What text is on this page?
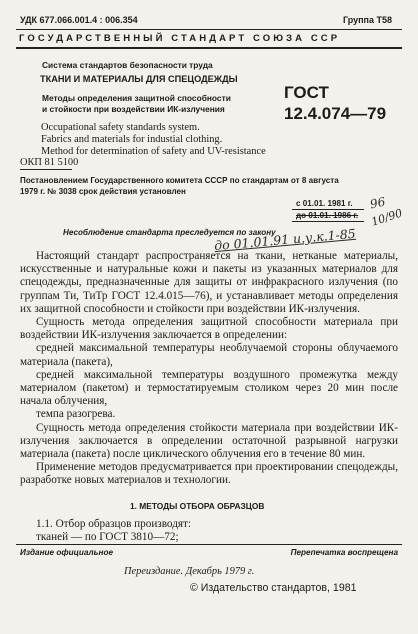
УДК 677.066.001.4 : 006.354	Группа Т58
ГОСУДАРСТВЕННЫЙ СТАНДАРТ СОЮЗА ССР
Система стандартов безопасности труда
ТКАНИ И МАТЕРИАЛЫ ДЛЯ СПЕЦОДЕЖДЫ
Методы определения защитной способности
и стойкости при воздействии ИК-излучения
Occupational safety standards system.
Fabrics and materials for industial clothing.
Method for determination of safety and UV-resistance
ОКП 81 5100
ГОСТ
12.4.074—79
Постановлением Государственного комитета СССР по стандартам от 8 августа
1979 г. № 3038 срок действия установлен
с 01.01. 1981 г.
до 01.01. 1986 г.
96
10/90
до 01.01.91 и.у.к.1-85
Несоблюдение стандарта преследуется по закону

Настоящий стандарт распространяется на ткани, нетканые материалы, искусственные и натуральные кожи и пакеты из указанных материалов для спецодежды, предназначенные для защиты от инфракрасного излучения (по группам Ти, ТиТр ГОСТ 12.4.015—76), и устанавливает методы определения их защитной способности и стойкости при воздействии ИК-излучения.

Сущность метода определения защитной способности материала при воздействии ИК-излучения заключается в определении:

средней максимальной температуры необлучаемой стороны облучаемого материала (пакета),

средней максимальной температуры воздушного промежутка между материалом (пакетом) и термостатируемым столиком через 20 мин после начала облучения,

темпа разогрева.

Сущность метода определения стойкости материала при воздействии ИК-излучения заключается в определении остаточной разрывной нагрузки материала (пакета) после циклического облучения его в течение 80 мин.

Применение методов предусматривается при проектировании спецодежды, разработке новых материалов и технологии.

1. МЕТОДЫ ОТБОРА ОБРАЗЦОВ
1.1. Отбор образцов производят:
тканей — по ГОСТ 3810—72;
Издание официальное	Перепечатка воспрещена
Переиздание. Декабрь 1979 г.
© Издательство стандартов, 1981
